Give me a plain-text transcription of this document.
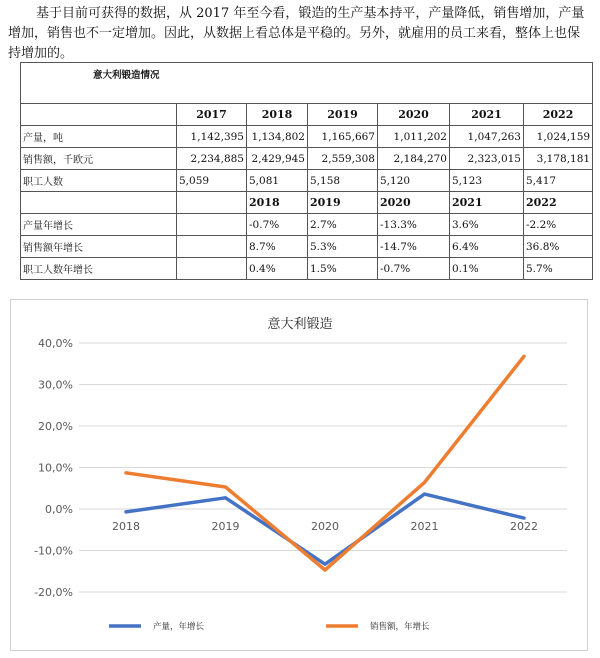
基于目前可获得的数据，从 2017 年至今看，锻造的生产基本持平，产量降低，销售增加，产量增加，销售也不一定增加。因此，从数据上看总体是平稳的。另外，就雇用的员工来看，整体上也保持增加的。

意大利锻造情况						
	2017	2018	2019	2020	2021	2022
产量，吨	1,142,395	1,134,802	1,165,667	1,011,202	1,047,263	1,024,159
销售额，千欧元	2,234,885	2,429,945	2,559,308	2,184,270	2,323,015	3,178,181
职工人数	5,059	5,081	5,158	5,120	5,123	5,417
		2018	2019	2020	2021	2022
产量年增长		-0.7%	2.7%	-13.3%	3.6%	-2.2%
销售额年增长		8.7%	5.3%	-14.7%	6.4%	36.8%
职工人数年增长		0.4%	1.5%	-0.7%	0.1%	5.7%
意大利锻造
-20,0%
-10,0%
0,0%
10,0%
20,0%
30,0%
40,0%
2018	2019	2020	2021	2022
产量，年增长	销售额，年增长
